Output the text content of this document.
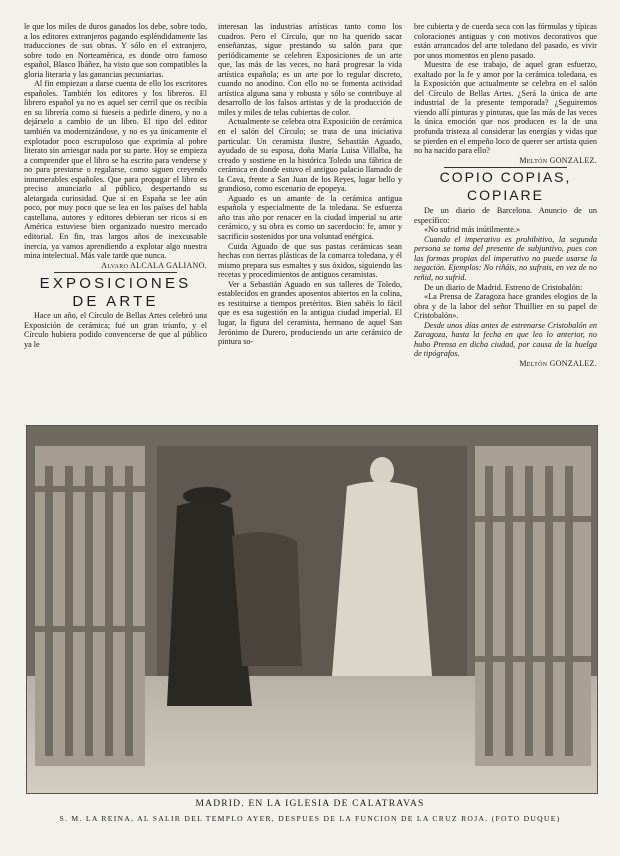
le que los miles de duros ganados los debe, sobre todo, a los editores extranjeros pagando espléndidamente las traducciones de sus obras. Y sólo en el extranjero, sobre todo en Norteamérica, es donde otro famoso español, Blasco Ibáñez, ha visto que son compatibles la gloria literaria y las ganancias pecuniarias.

Al fin empiezan a darse cuenta de ello los escritores españoles. También los editores y los libreros. El librero español ya no es aquel ser cerril que os recibía en su librería como si fueseis a pedirle dinero, y no a dejárselo a cambio de un libro. El tipo del editor también va modernizándose, y no es ya únicamente el explotador poco escrupuloso que exprimía al pobre literato sin arriesgar nada por su parte. Hoy se empieza a comprender que el libro se ha escrito para venderse y no para prestarse o regalarse, como siguen creyendo innumerables españoles. Que para propagar el libro es preciso anunciarlo al público, despertando su aletargada curiosidad. Que si en España se lee aún poco, por muy poco que se lea en los países del habla castellana, autores y editores debieran ser ricos si en América estuviese bien organizado nuestro mercado editorial. En fin, tras largos años de inexcusable inercia, ya vamos aprendiendo a explotar algo nuestra mina intelectual. Más vale tarde que nunca.

Alvaro ALCALA GALIANO.

EXPOSICIONES
DE ARTE

Hace un año, el Círculo de Bellas Artes celebró una Exposición de cerámica; fué un gran triunfo, y el Círculo hubiera podido convencerse de que al público ya le

interesan las industrias artísticas tanto como los cuadros. Pero el Círculo, que no ha querido sacar enseñanzas, sigue prestando su salón para que periódicamente se celebren Exposiciones de un arte que, las más de las veces, no hará progresar la vida artística española; es un arte por lo regular discreto, cuando no anodino. Con ello no se fomenta actividad artística alguna sana y robusta y sólo se contribuye al desarrollo de los falsos artistas y de la producción de miles y miles de telas cubiertas de color.

Actualmente se celebra otra Exposición de cerámica en el salón del Círculo; se trata de una iniciativa particular. Un ceramista ilustre, Sebastián Aguado, ayudado de su esposa, doña María Luisa Villalba, ha creado y sostiene en la histórica Toledo una fábrica de cerámica en donde estuvo el antiguo palacio llamado de la Cava, frente a San Juan de los Reyes, lugar bello y grandioso, como escenario de epopeya.

Aguado es un amante de la cerámica antigua española y especialmente de la toledana. Se esfuerza año tras año por renacer en la ciudad imperial su arte cerámico, y su obra es como un sacerdocio: fe, amor y sacrificio sostenidos por una voluntad enérgica.

Cuida Aguado de que sus pastas cerámicas sean hechas con tierras plásticas de la comarca toledana, y él mismo prepara sus esmaltes y sus óxidos, siguiendo las recetas y procedimientos de antiguos ceramistas.

Ver a Sebastián Aguado en sus talleres de Toledo, establecidos en grandes aposentos abiertos en la colina, es restituirse a tiempos pretéritos. Bien sabéis lo fácil que es esa sugestión en la antigua ciudad imperial. El lugar, la figura del ceramista, hermano de aquel San Jerónimo de Durero, produciendo un arte cerámico de pintura so-

bre cubierta y de cuerda seca con las fórmulas y típicas coloraciones antiguas y con motivos decorativos que están arrancados del arte toledano del pasado, es vivir por unos momentos en pleno pasado.

Muestra de ese trabajo, de aquel gran esfuerzo, exaltado por la fe y amor por la cerámica toledana, es la Exposición que actualmente se celebra en el salón del Círculo de Bellas Artes. ¿Será la única de arte industrial de la presente temporada? ¿Seguiremos viendo allí pinturas y pinturas, que las más de las veces la única emoción que nos producen es la de una profunda tristeza al considerar las energías y vidas que se pierden en el empeño loco de querer ser artista quien no ha nacido para ello?

Meltón GONZALEZ.

COPIO COPIAS,
COPIARE

De un diario de Barcelona. Anuncio de un específico:

«No sufrid más inútilmente.»

Cuando el imperativo es prohibitivo, la segunda persona se toma del presente de subjuntivo, pues con las formas propias del imperativo no puede usarse la negación. Ejemplos: No riñáis, no sufrais, en vez de no reñid, no sufrid.

De un diario de Madrid. Estreno de Cristobalón:

«La Prensa de Zaragoza hace grandes elogios de la obra y de la labor del señor Thuillier en su papel de Cristobalón».

Desde unos días antes de estrenarse Cristobalón en Zaragoza, hasta la fecha en que leo lo anterior, no hubo Prensa en dicha ciudad, por causa de la huelga de tipógrafos.

Meltón GONZALEZ.

MADRID. EN LA IGLESIA DE CALATRAVAS
S. M. LA REINA, AL SALIR DEL TEMPLO AYER, DESPUES DE LA FUNCION DE LA CRUZ ROJA. (FOTO DUQUE)
